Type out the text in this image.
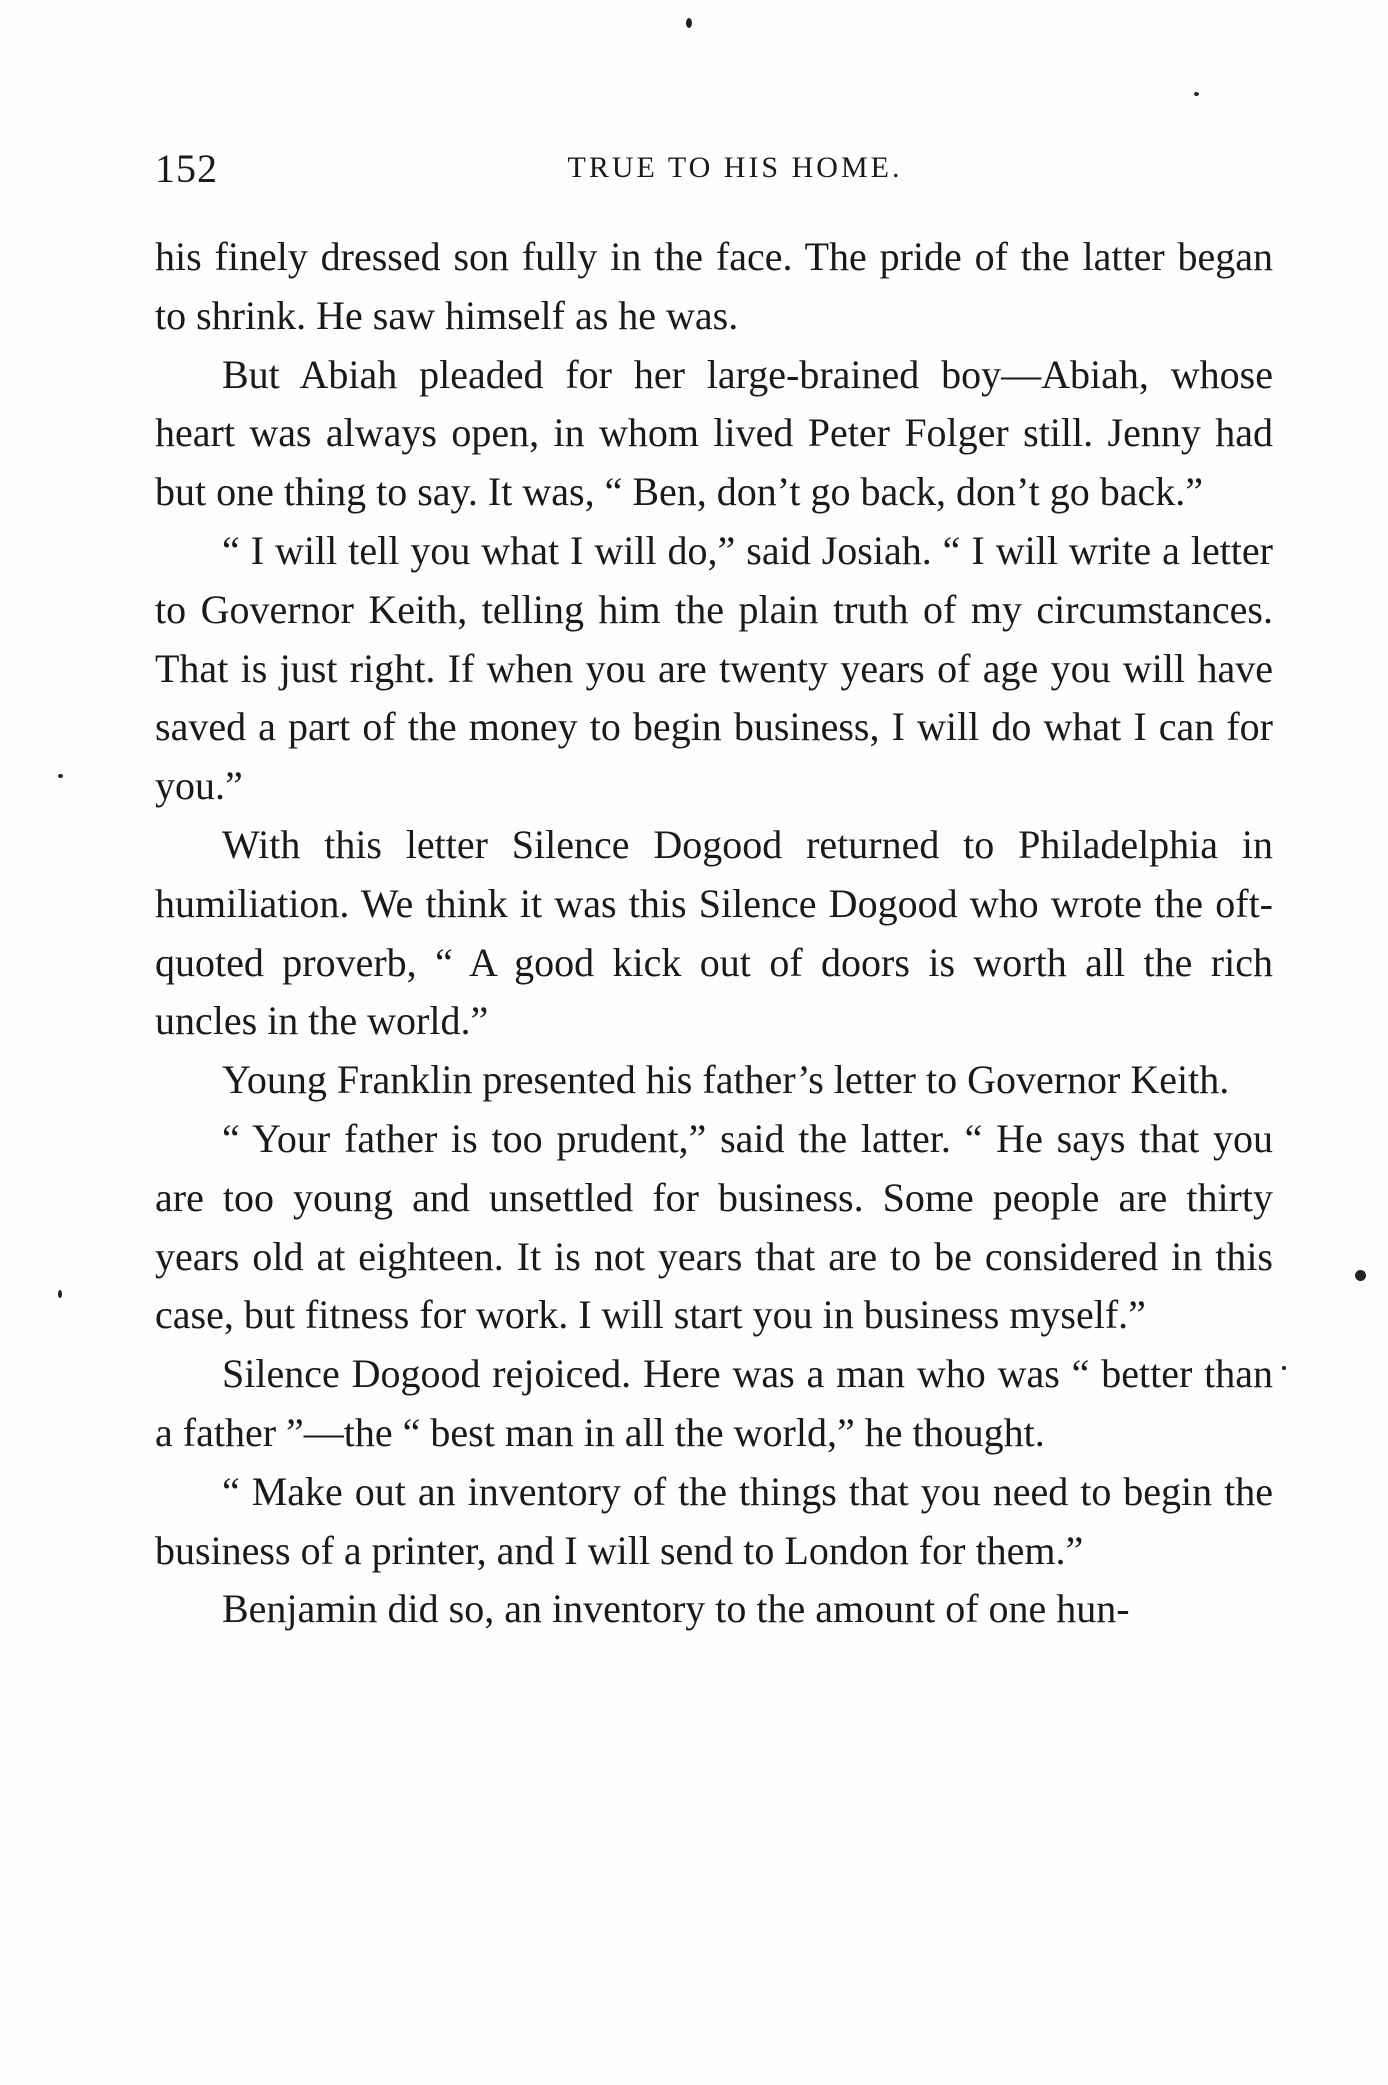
152	TRUE TO HIS HOME.

his finely dressed son fully in the face. The pride of the latter began to shrink. He saw himself as he was.

But Abiah pleaded for her large-brained boy—Abiah, whose heart was always open, in whom lived Peter Folger still. Jenny had but one thing to say. It was, “ Ben, don’t go back, don’t go back.”

“ I will tell you what I will do,” said Josiah. “ I will write a letter to Governor Keith, telling him the plain truth of my circumstances. That is just right. If when you are twenty years of age you will have saved a part of the money to begin business, I will do what I can for you.”

With this letter Silence Dogood returned to Philadelphia in humiliation. We think it was this Silence Dogood who wrote the oft-quoted proverb, “ A good kick out of doors is worth all the rich uncles in the world.”

Young Franklin presented his father’s letter to Governor Keith.

“ Your father is too prudent,” said the latter. “ He says that you are too young and unsettled for business. Some people are thirty years old at eighteen. It is not years that are to be considered in this case, but fitness for work. I will start you in business myself.”

Silence Dogood rejoiced. Here was a man who was “ better than a father ”—the “ best man in all the world,” he thought.

“ Make out an inventory of the things that you need to begin the business of a printer, and I will send to London for them.”

Benjamin did so, an inventory to the amount of one hun-
